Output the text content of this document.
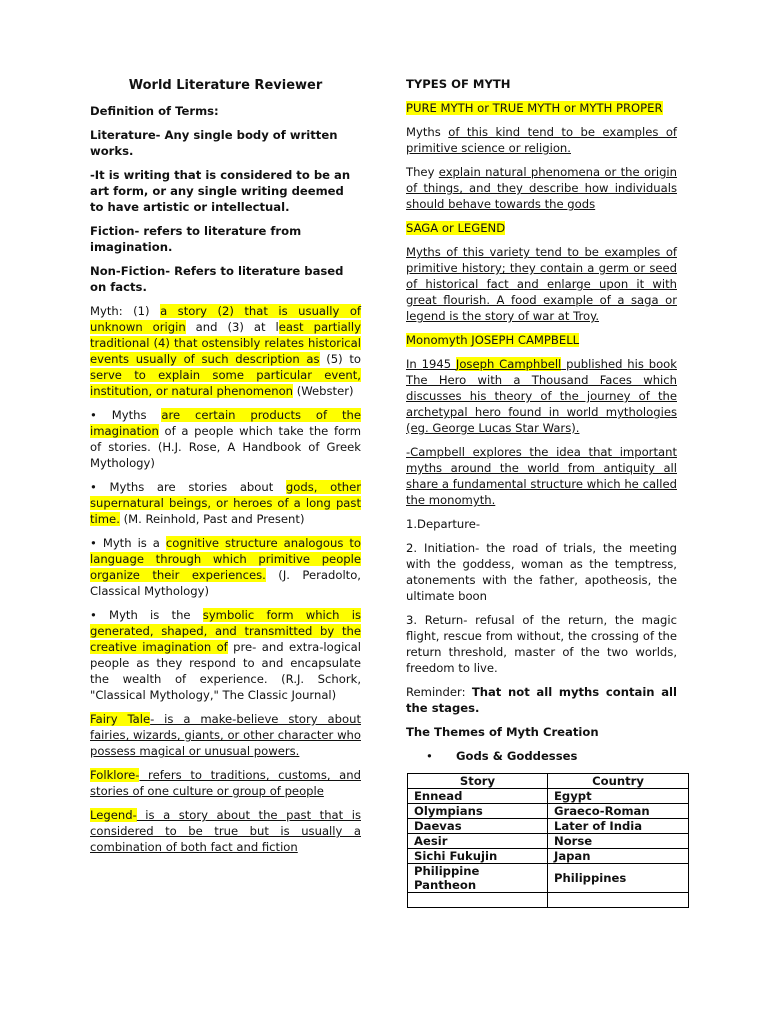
World Literature Reviewer

Definition of Terms:

Literature- Any single body of written works.

-It is writing that is considered to be an art form, or any single writing deemed to have artistic or intellectual.

Fiction- refers to literature from imagination.

Non-Fiction- Refers to literature based on facts.

Myth: (1) a story (2) that is usually of unknown origin and (3) at least partially traditional (4) that ostensibly relates historical events usually of such description as (5) to serve to explain some particular event, institution, or natural phenomenon (Webster)

• Myths are certain products of the imagination of a people which take the form of stories. (H.J. Rose, A Handbook of Greek Mythology)

• Myths are stories about gods, other supernatural beings, or heroes of a long past time. (M. Reinhold, Past and Present)

• Myth is a cognitive structure analogous to language through which primitive people organize their experiences. (J. Peradolto, Classical Mythology)

• Myth is the symbolic form which is generated, shaped, and transmitted by the creative imagination of pre- and extra-logical people as they respond to and encapsulate the wealth of experience. (R.J. Schork, "Classical Mythology," The Classic Journal)

Fairy Tale- is a make-believe story about fairies, wizards, giants, or other character who possess magical or unusual powers.

Folklore- refers to traditions, customs, and stories of one culture or group of people

Legend- is a story about the past that is considered to be true but is usually a combination of both fact and fiction

TYPES OF MYTH

PURE MYTH or TRUE MYTH or MYTH PROPER

Myths of this kind tend to be examples of primitive science or religion.

They explain natural phenomena or the origin of things, and they describe how individuals should behave towards the gods

SAGA or LEGEND

Myths of this variety tend to be examples of primitive history; they contain a germ or seed of historical fact and enlarge upon it with great flourish. A food example of a saga or legend is the story of war at Troy.

Monomyth JOSEPH CAMPBELL

In 1945 Joseph Camphbell published his book The Hero with a Thousand Faces which discusses his theory of the journey of the archetypal hero found in world mythologies (eg. George Lucas Star Wars).

-Campbell explores the idea that important myths around the world from antiquity all share a fundamental structure which he called the monomyth.

1.Departure-

2. Initiation- the road of trials, the meeting with the goddess, woman as the temptress, atonements with the father, apotheosis, the ultimate boon

3. Return- refusal of the return, the magic flight, rescue from without, the crossing of the return threshold, master of the two worlds, freedom to live.

Reminder: That not all myths contain all the stages.

The Themes of Myth Creation

•	Gods & Goddesses
Story	Country
Ennead	Egypt
Olympians	Graeco-Roman
Daevas	Later of India
Aesir	Norse
Sichi Fukujin	Japan
Philippine Pantheon	Philippines
